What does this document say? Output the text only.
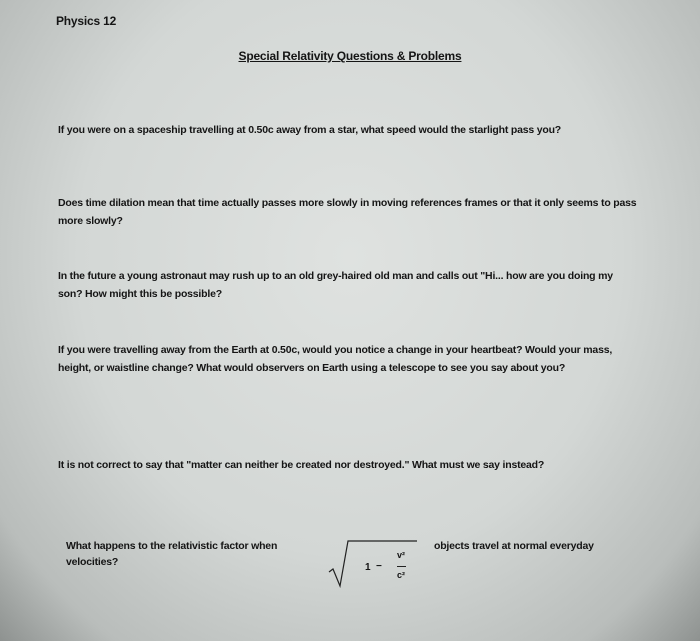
Physics 12
Special Relativity Questions & Problems
If you were on a spaceship travelling at 0.50c away from a star, what speed would the starlight pass you?
Does time dilation mean that time actually passes more slowly in moving references frames or that it only seems to pass more slowly?
In the future a young astronaut may rush up to an old grey-haired old man and calls out "Hi... how are you doing my son? How might this be possible?
If you were travelling away from the Earth at 0.50c, would you notice a change in your heartbeat? Would your mass, height, or waistline change? What would observers on Earth using a telescope to see you say about you?
It is not correct to say that "matter can neither be created nor destroyed." What must we say instead?
What happens to the relativistic factor when
velocities?
objects travel at normal everyday
1 −
v²
c²
